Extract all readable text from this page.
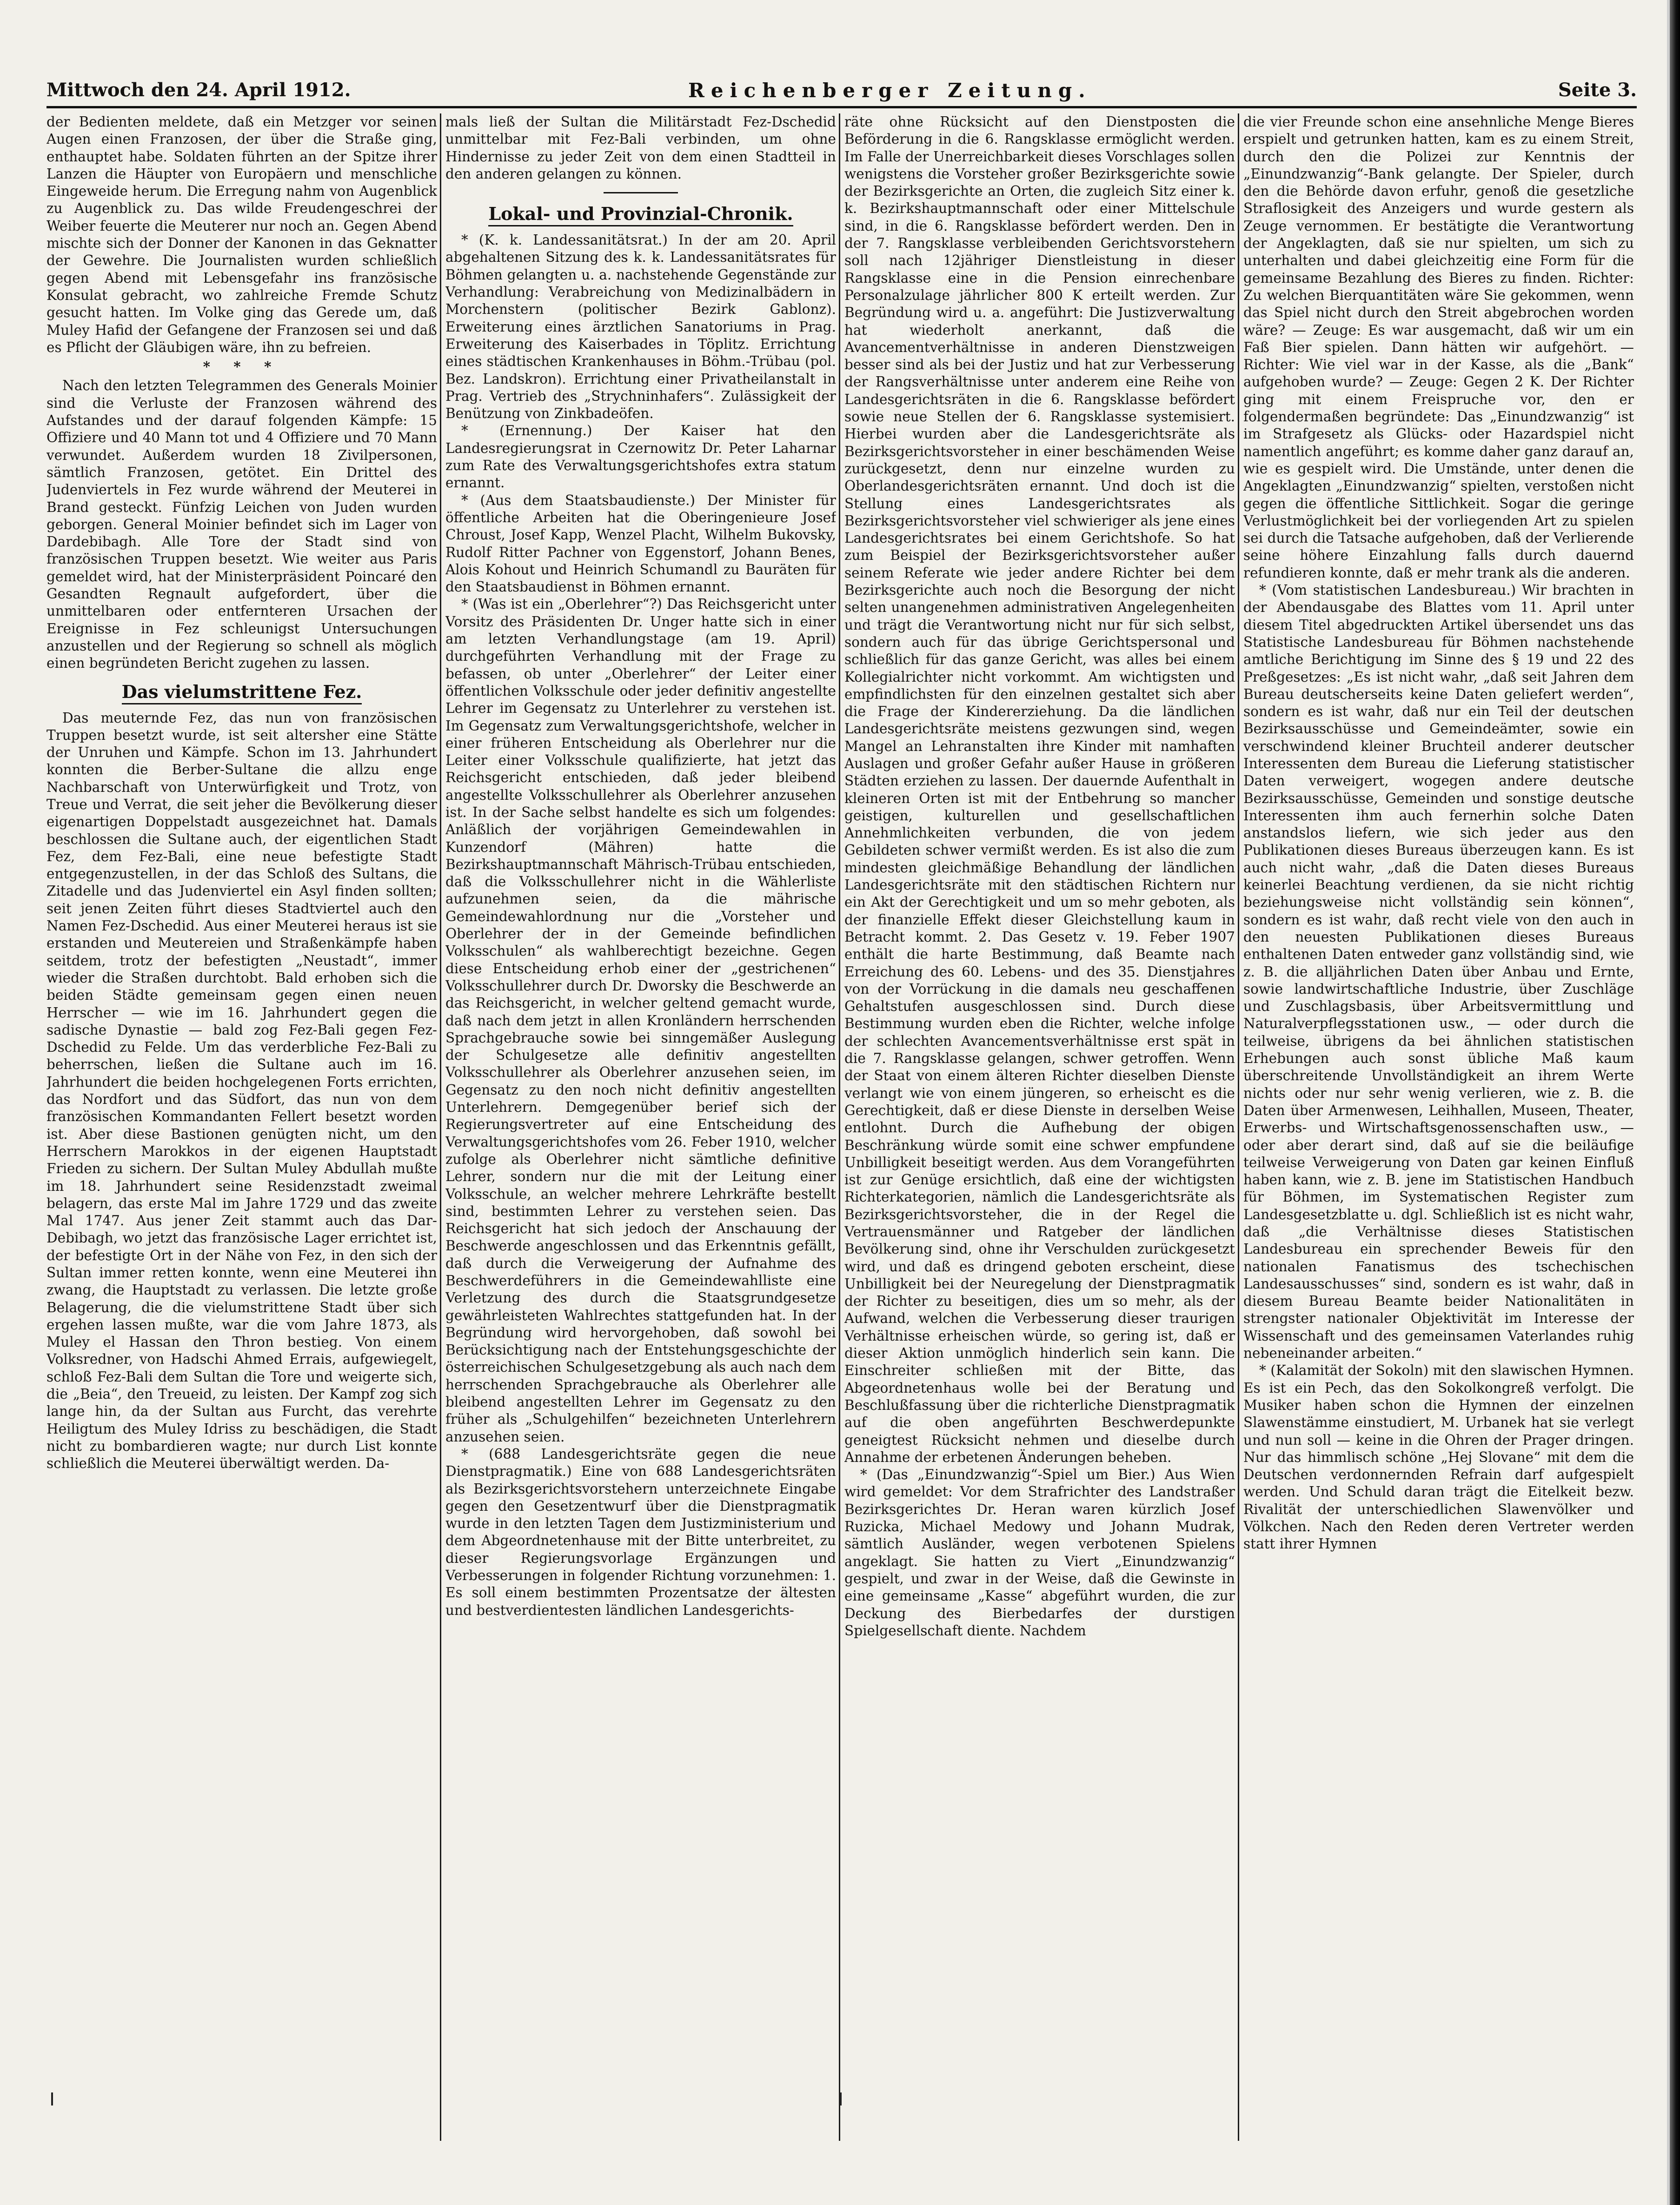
Mittwoch den 24. April 1912.	Reichenberger Zeitung.	Seite 3.

der Bedienten meldete, daß ein Metzger vor seinen Augen einen Franzosen, der über die Straße ging, enthauptet habe. Soldaten führten an der Spitze ihrer Lanzen die Häupter von Europäern und menschliche Eingeweide herum. Die Erregung nahm von Augenblick zu Augenblick zu. Das wilde Freudengeschrei der Weiber feuerte die Meuterer nur noch an. Gegen Abend mischte sich der Donner der Kanonen in das Geknatter der Gewehre. Die Journalisten wurden schließlich gegen Abend mit Lebensgefahr ins französische Konsulat gebracht, wo zahlreiche Fremde Schutz gesucht hatten. Im Volke ging das Gerede um, daß Muley Hafid der Gefangene der Franzosen sei und daß es Pflicht der Gläubigen wäre, ihn zu befreien.

* * *

Nach den letzten Telegrammen des Generals Moinier sind die Verluste der Franzosen während des Aufstandes und der darauf folgenden Kämpfe: 15 Offiziere und 40 Mann tot und 4 Offiziere und 70 Mann verwundet. Außerdem wurden 18 Zivilpersonen, sämtlich Franzosen, getötet. Ein Drittel des Judenviertels in Fez wurde während der Meuterei in Brand gesteckt. Fünfzig Leichen von Juden wurden geborgen. General Moinier befindet sich im Lager von Dardebibagh. Alle Tore der Stadt sind von französischen Truppen besetzt. Wie weiter aus Paris gemeldet wird, hat der Ministerpräsident Poincaré den Gesandten Regnault aufgefordert, über die unmittelbaren oder entfernteren Ursachen der Ereignisse in Fez schleunigst Untersuchungen anzustellen und der Regierung so schnell als möglich einen begründeten Bericht zugehen zu lassen.

Das vielumstrittene Fez.

Das meuternde Fez, das nun von französischen Truppen besetzt wurde, ist seit altersher eine Stätte der Unruhen und Kämpfe. Schon im 13. Jahrhundert konnten die Berber-Sultane die allzu enge Nachbarschaft von Unterwürfigkeit und Trotz, von Treue und Verrat, die seit jeher die Bevölkerung dieser eigenartigen Doppelstadt ausgezeichnet hat. Damals beschlossen die Sultane auch, der eigentlichen Stadt Fez, dem Fez-Bali, eine neue befestigte Stadt entgegenzustellen, in der das Schloß des Sultans, die Zitadelle und das Judenviertel ein Asyl finden sollten; seit jenen Zeiten führt dieses Stadtviertel auch den Namen Fez-Dschedid. Aus einer Meuterei heraus ist sie erstanden und Meutereien und Straßenkämpfe haben seitdem, trotz der befestigten „Neustadt“, immer wieder die Straßen durchtobt. Bald erhoben sich die beiden Städte gemeinsam gegen einen neuen Herrscher — wie im 16. Jahrhundert gegen die sadische Dynastie — bald zog Fez-Bali gegen Fez-Dschedid zu Felde. Um das verderbliche Fez-Bali zu beherrschen, ließen die Sultane auch im 16. Jahrhundert die beiden hochgelegenen Forts errichten, das Nordfort und das Südfort, das nun von dem französischen Kommandanten Fellert besetzt worden ist. Aber diese Bastionen genügten nicht, um den Herrschern Marokkos in der eigenen Hauptstadt Frieden zu sichern. Der Sultan Muley Abdullah mußte im 18. Jahrhundert seine Residenzstadt zweimal belagern, das erste Mal im Jahre 1729 und das zweite Mal 1747. Aus jener Zeit stammt auch das Dar-Debibagh, wo jetzt das französische Lager errichtet ist, der befestigte Ort in der Nähe von Fez, in den sich der Sultan immer retten konnte, wenn eine Meuterei ihn zwang, die Hauptstadt zu verlassen. Die letzte große Belagerung, die die vielumstrittene Stadt über sich ergehen lassen mußte, war die vom Jahre 1873, als Muley el Hassan den Thron bestieg. Von einem Volksredner, von Hadschi Ahmed Errais, aufgewiegelt, schloß Fez-Bali dem Sultan die Tore und weigerte sich, die „Beia“, den Treueid, zu leisten. Der Kampf zog sich lange hin, da der Sultan aus Furcht, das verehrte Heiligtum des Muley Idriss zu beschädigen, die Stadt nicht zu bombardieren wagte; nur durch List konnte schließlich die Meuterei überwältigt werden. Da-

mals ließ der Sultan die Militärstadt Fez-Dschedid unmittelbar mit Fez-Bali verbinden, um ohne Hindernisse zu jeder Zeit von dem einen Stadtteil in den anderen gelangen zu können.

Lokal- und Provinzial-Chronik.

* (K. k. Landessanitätsrat.) In der am 20. April abgehaltenen Sitzung des k. k. Landessanitätsrates für Böhmen gelangten u. a. nachstehende Gegenstände zur Verhandlung: Verabreichung von Medizinalbädern in Morchenstern (politischer Bezirk Gablonz). Erweiterung eines ärztlichen Sanatoriums in Prag. Erweiterung des Kaiserbades in Töplitz. Errichtung eines städtischen Krankenhauses in Böhm.-Trübau (pol. Bez. Landskron). Errichtung einer Privatheilanstalt in Prag. Vertrieb des „Strychninhafers“. Zulässigkeit der Benützung von Zinkbadeöfen.

* (Ernennung.) Der Kaiser hat den Landesregierungsrat in Czernowitz Dr. Peter Laharnar zum Rate des Verwaltungsgerichtshofes extra statum ernannt.

* (Aus dem Staatsbaudienste.) Der Minister für öffentliche Arbeiten hat die Oberingenieure Josef Chroust, Josef Kapp, Wenzel Placht, Wilhelm Bukovsky, Rudolf Ritter Pachner von Eggenstorf, Johann Benes, Alois Kohout und Heinrich Schumandl zu Bauräten für den Staatsbaudienst in Böhmen ernannt.

* (Was ist ein „Oberlehrer“?) Das Reichsgericht unter Vorsitz des Präsidenten Dr. Unger hatte sich in einer am letzten Verhandlungstage (am 19. April) durchgeführten Verhandlung mit der Frage zu befassen, ob unter „Oberlehrer“ der Leiter einer öffentlichen Volksschule oder jeder definitiv angestellte Lehrer im Gegensatz zu Unterlehrer zu verstehen ist. Im Gegensatz zum Verwaltungsgerichtshofe, welcher in einer früheren Entscheidung als Oberlehrer nur die Leiter einer Volksschule qualifizierte, hat jetzt das Reichsgericht entschieden, daß jeder bleibend angestellte Volksschullehrer als Oberlehrer anzusehen ist. In der Sache selbst handelte es sich um folgendes: Anläßlich der vorjährigen Gemeindewahlen in Kunzendorf (Mähren) hatte die Bezirkshauptmannschaft Mährisch-Trübau entschieden, daß die Volksschullehrer nicht in die Wählerliste aufzunehmen seien, da die mährische Gemeindewahlordnung nur die „Vorsteher und Oberlehrer der in der Gemeinde befindlichen Volksschulen“ als wahlberechtigt bezeichne. Gegen diese Entscheidung erhob einer der „gestrichenen“ Volksschullehrer durch Dr. Dworsky die Beschwerde an das Reichsgericht, in welcher geltend gemacht wurde, daß nach dem jetzt in allen Kronländern herrschenden Sprachgebrauche sowie bei sinngemäßer Auslegung der Schulgesetze alle definitiv angestellten Volksschullehrer als Oberlehrer anzusehen seien, im Gegensatz zu den noch nicht definitiv angestellten Unterlehrern. Demgegenüber berief sich der Regierungsvertreter auf eine Entscheidung des Verwaltungsgerichtshofes vom 26. Feber 1910, welcher zufolge als Oberlehrer nicht sämtliche definitive Lehrer, sondern nur die mit der Leitung einer Volksschule, an welcher mehrere Lehrkräfte bestellt sind, bestimmten Lehrer zu verstehen seien. Das Reichsgericht hat sich jedoch der Anschauung der Beschwerde angeschlossen und das Erkenntnis gefällt, daß durch die Verweigerung der Aufnahme des Beschwerdeführers in die Gemeindewahlliste eine Verletzung des durch die Staatsgrundgesetze gewährleisteten Wahlrechtes stattgefunden hat. In der Begründung wird hervorgehoben, daß sowohl bei Berücksichtigung nach der Entstehungsgeschichte der österreichischen Schulgesetzgebung als auch nach dem herrschenden Sprachgebrauche als Oberlehrer alle bleibend angestellten Lehrer im Gegensatz zu den früher als „Schulgehilfen“ bezeichneten Unterlehrern anzusehen seien.

* (688 Landesgerichtsräte gegen die neue Dienstpragmatik.) Eine von 688 Landesgerichtsräten als Bezirksgerichtsvorstehern unterzeichnete Eingabe gegen den Gesetzentwurf über die Dienstpragmatik wurde in den letzten Tagen dem Justizministerium und dem Abgeordnetenhause mit der Bitte unterbreitet, zu dieser Regierungsvorlage Ergänzungen und Verbesserungen in folgender Richtung vorzunehmen: 1. Es soll einem bestimmten Prozentsatze der ältesten und bestverdientesten ländlichen Landesgerichts-

räte ohne Rücksicht auf den Dienstposten die Beförderung in die 6. Rangsklasse ermöglicht werden. Im Falle der Unerreichbarkeit dieses Vorschlages sollen wenigstens die Vorsteher großer Bezirksgerichte sowie der Bezirksgerichte an Orten, die zugleich Sitz einer k. k. Bezirkshauptmannschaft oder einer Mittelschule sind, in die 6. Rangsklasse befördert werden. Den in der 7. Rangsklasse verbleibenden Gerichtsvorstehern soll nach 12jähriger Dienstleistung in dieser Rangsklasse eine in die Pension einrechenbare Personalzulage jährlicher 800 K erteilt werden. Zur Begründung wird u. a. angeführt: Die Justizverwaltung hat wiederholt anerkannt, daß die Avancementverhältnisse in anderen Dienstzweigen besser sind als bei der Justiz und hat zur Verbesserung der Rangsverhältnisse unter anderem eine Reihe von Landesgerichtsräten in die 6. Rangsklasse befördert sowie neue Stellen der 6. Rangsklasse systemisiert. Hierbei wurden aber die Landesgerichtsräte als Bezirksgerichtsvorsteher in einer beschämenden Weise zurückgesetzt, denn nur einzelne wurden zu Oberlandesgerichtsräten ernannt. Und doch ist die Stellung eines Landesgerichtsrates als Bezirksgerichtsvorsteher viel schwieriger als jene eines Landesgerichtsrates bei einem Gerichtshofe. So hat zum Beispiel der Bezirksgerichtsvorsteher außer seinem Referate wie jeder andere Richter bei dem Bezirksgerichte auch noch die Besorgung der nicht selten unangenehmen administrativen Angelegenheiten und trägt die Verantwortung nicht nur für sich selbst, sondern auch für das übrige Gerichtspersonal und schließlich für das ganze Gericht, was alles bei einem Kollegialrichter nicht vorkommt. Am wichtigsten und empfindlichsten für den einzelnen gestaltet sich aber die Frage der Kindererziehung. Da die ländlichen Landesgerichtsräte meistens gezwungen sind, wegen Mangel an Lehranstalten ihre Kinder mit namhaften Auslagen und großer Gefahr außer Hause in größeren Städten erziehen zu lassen. Der dauernde Aufenthalt in kleineren Orten ist mit der Entbehrung so mancher geistigen, kulturellen und gesellschaftlichen Annehmlichkeiten verbunden, die von jedem Gebildeten schwer vermißt werden. Es ist also die zum mindesten gleichmäßige Behandlung der ländlichen Landesgerichtsräte mit den städtischen Richtern nur ein Akt der Gerechtigkeit und um so mehr geboten, als der finanzielle Effekt dieser Gleichstellung kaum in Betracht kommt. 2. Das Gesetz v. 19. Feber 1907 enthält die harte Bestimmung, daß Beamte nach Erreichung des 60. Lebens- und des 35. Dienstjahres von der Vorrückung in die damals neu geschaffenen Gehaltstufen ausgeschlossen sind. Durch diese Bestimmung wurden eben die Richter, welche infolge der schlechten Avancementsverhältnisse erst spät in die 7. Rangsklasse gelangen, schwer getroffen. Wenn der Staat von einem älteren Richter dieselben Dienste verlangt wie von einem jüngeren, so erheischt es die Gerechtigkeit, daß er diese Dienste in derselben Weise entlohnt. Durch die Aufhebung der obigen Beschränkung würde somit eine schwer empfundene Unbilligkeit beseitigt werden. Aus dem Vorangeführten ist zur Genüge ersichtlich, daß eine der wichtigsten Richterkategorien, nämlich die Landesgerichtsräte als Bezirksgerichtsvorsteher, die in der Regel die Vertrauensmänner und Ratgeber der ländlichen Bevölkerung sind, ohne ihr Verschulden zurückgesetzt wird, und daß es dringend geboten erscheint, diese Unbilligkeit bei der Neuregelung der Dienstpragmatik der Richter zu beseitigen, dies um so mehr, als der Aufwand, welchen die Verbesserung dieser traurigen Verhältnisse erheischen würde, so gering ist, daß er dieser Aktion unmöglich hinderlich sein kann. Die Einschreiter schließen mit der Bitte, das Abgeordnetenhaus wolle bei der Beratung und Beschlußfassung über die richterliche Dienstpragmatik auf die oben angeführten Beschwerdepunkte geneigtest Rücksicht nehmen und dieselbe durch Annahme der erbetenen Änderungen beheben.

* (Das „Einundzwanzig“-Spiel um Bier.) Aus Wien wird gemeldet: Vor dem Strafrichter des Landstraßer Bezirksgerichtes Dr. Heran waren kürzlich Josef Ruzicka, Michael Medowy und Johann Mudrak, sämtlich Ausländer, wegen verbotenen Spielens angeklagt. Sie hatten zu Viert „Einundzwanzig“ gespielt, und zwar in der Weise, daß die Gewinste in eine gemeinsame „Kasse“ abgeführt wurden, die zur Deckung des Bierbedarfes der durstigen Spielgesellschaft diente. Nachdem

die vier Freunde schon eine ansehnliche Menge Bieres erspielt und getrunken hatten, kam es zu einem Streit, durch den die Polizei zur Kenntnis der „Einundzwanzig“-Bank gelangte. Der Spieler, durch den die Behörde davon erfuhr, genoß die gesetzliche Straflosigkeit des Anzeigers und wurde gestern als Zeuge vernommen. Er bestätigte die Verantwortung der Angeklagten, daß sie nur spielten, um sich zu unterhalten und dabei gleichzeitig eine Form für die gemeinsame Bezahlung des Bieres zu finden. Richter: Zu welchen Bierquantitäten wäre Sie gekommen, wenn das Spiel nicht durch den Streit abgebrochen worden wäre? — Zeuge: Es war ausgemacht, daß wir um ein Faß Bier spielen. Dann hätten wir aufgehört. — Richter: Wie viel war in der Kasse, als die „Bank“ aufgehoben wurde? — Zeuge: Gegen 2 K. Der Richter ging mit einem Freispruche vor, den er folgendermaßen begründete: Das „Einundzwanzig“ ist im Strafgesetz als Glücks- oder Hazardspiel nicht namentlich angeführt; es komme daher ganz darauf an, wie es gespielt wird. Die Umstände, unter denen die Angeklagten „Einundzwanzig“ spielten, verstoßen nicht gegen die öffentliche Sittlichkeit. Sogar die geringe Verlustmöglichkeit bei der vorliegenden Art zu spielen sei durch die Tatsache aufgehoben, daß der Verlierende seine höhere Einzahlung falls durch dauernd refundieren konnte, daß er mehr trank als die anderen.

* (Vom statistischen Landesbureau.) Wir brachten in der Abendausgabe des Blattes vom 11. April unter diesem Titel abgedruckten Artikel übersendet uns das Statistische Landesbureau für Böhmen nachstehende amtliche Berichtigung im Sinne des § 19 und 22 des Preßgesetzes: „Es ist nicht wahr, „daß seit Jahren dem Bureau deutscherseits keine Daten geliefert werden“, sondern es ist wahr, daß nur ein Teil der deutschen Bezirksausschüsse und Gemeindeämter, sowie ein verschwindend kleiner Bruchteil anderer deutscher Interessenten dem Bureau die Lieferung statistischer Daten verweigert, wogegen andere deutsche Bezirksausschüsse, Gemeinden und sonstige deutsche Interessenten ihm auch fernerhin solche Daten anstandslos liefern, wie sich jeder aus den Publikationen dieses Bureaus überzeugen kann. Es ist auch nicht wahr, „daß die Daten dieses Bureaus keinerlei Beachtung verdienen, da sie nicht richtig beziehungsweise nicht vollständig sein können“, sondern es ist wahr, daß recht viele von den auch in den neuesten Publikationen dieses Bureaus enthaltenen Daten entweder ganz vollständig sind, wie z. B. die alljährlichen Daten über Anbau und Ernte, sowie landwirtschaftliche Industrie, über Zuschläge und Zuschlagsbasis, über Arbeitsvermittlung und Naturalverpflegsstationen usw., — oder durch die teilweise, übrigens da bei ähnlichen statistischen Erhebungen auch sonst übliche Maß kaum überschreitende Unvollständigkeit an ihrem Werte nichts oder nur sehr wenig verlieren, wie z. B. die Daten über Armenwesen, Leihhallen, Museen, Theater, Erwerbs- und Wirtschaftsgenossenschaften usw., — oder aber derart sind, daß auf sie die beiläufige teilweise Verweigerung von Daten gar keinen Einfluß haben kann, wie z. B. jene im Statistischen Handbuch für Böhmen, im Systematischen Register zum Landesgesetzblatte u. dgl. Schließlich ist es nicht wahr, daß „die Verhältnisse dieses Statistischen Landesbureau ein sprechender Beweis für den nationalen Fanatismus des tschechischen Landesausschusses“ sind, sondern es ist wahr, daß in diesem Bureau Beamte beider Nationalitäten in strengster nationaler Objektivität im Interesse der Wissenschaft und des gemeinsamen Vaterlandes ruhig nebeneinander arbeiten.“

* (Kalamität der Sokoln) mit den slawischen Hymnen. Es ist ein Pech, das den Sokolkongreß verfolgt. Die Musiker haben schon die Hymnen der einzelnen Slawenstämme einstudiert, M. Urbanek hat sie verlegt und nun soll — keine in die Ohren der Prager dringen. Nur das himmlisch schöne „Hej Slovane“ mit dem die Deutschen verdonnernden Refrain darf aufgespielt werden. Und Schuld daran trägt die Eitelkeit bezw. Rivalität der unterschiedlichen Slawenvölker und Völkchen. Nach den Reden deren Vertreter werden statt ihrer Hymnen
